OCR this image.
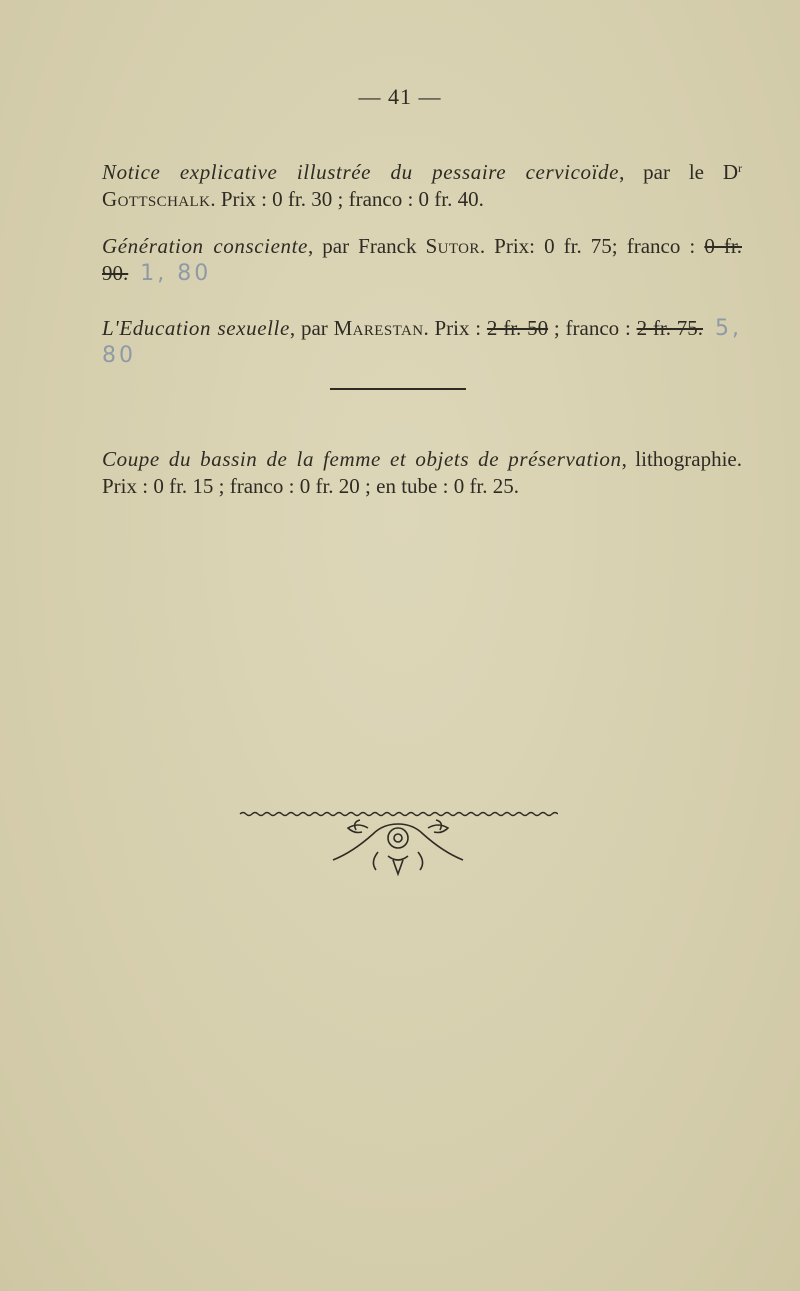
— 41 —
Notice explicative illustrée du pessaire cervicoïde, par le $D^r$ Gottschalk. Prix : 0 fr. 30 ; franco : 0 fr. 40.
Génération consciente, par Franck Sutor. Prix: 0 fr. 75; franco : 0 fr. 90. 1, 80
L'Education sexuelle, par Marestan. Prix : 2 fr. 50 ; franco : 2 fr. 75. 5, 80
Coupe du bassin de la femme et objets de préservation, lithographie. Prix : 0 fr. 15 ; franco : 0 fr. 20 ; en tube : 0 fr. 25.
